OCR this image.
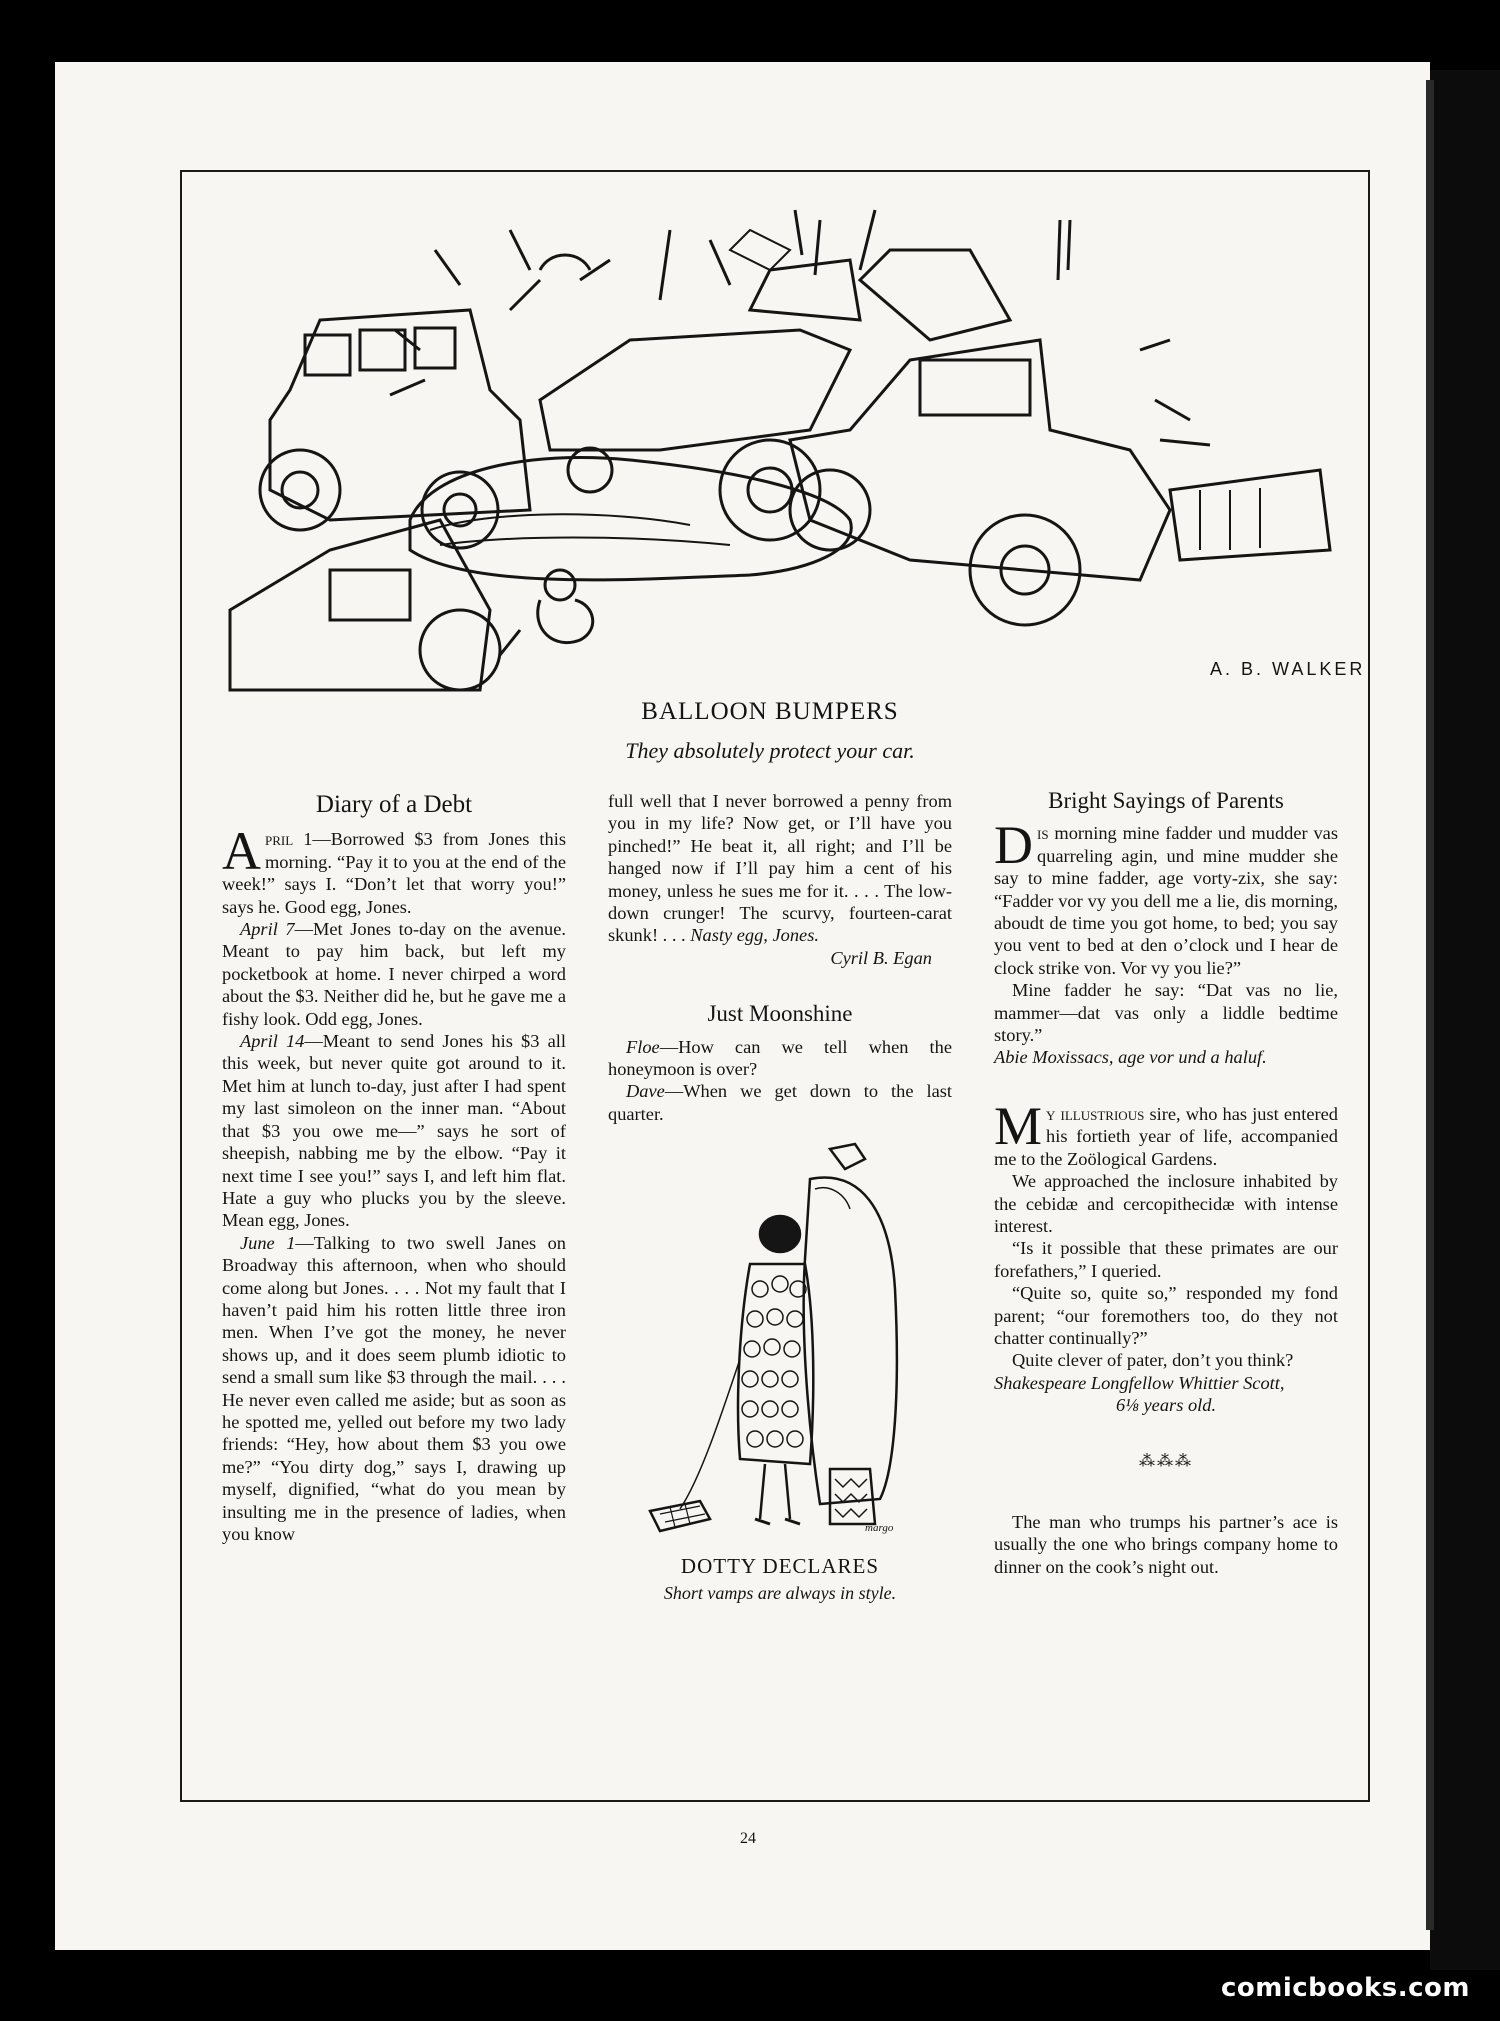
A. B. WALKER
BALLOON BUMPERS
They absolutely protect your car.
Diary of a Debt

April 1—Borrowed $3 from Jones this morning. “Pay it to you at the end of the week!” says I. “Don’t let that worry you!” says he. Good egg, Jones.

April 7—Met Jones to-day on the avenue. Meant to pay him back, but left my pocketbook at home. I never chirped a word about the $3. Neither did he, but he gave me a fishy look. Odd egg, Jones.

April 14—Meant to send Jones his $3 all this week, but never quite got around to it. Met him at lunch to-day, just after I had spent my last simoleon on the inner man. “About that $3 you owe me—” says he sort of sheepish, nabbing me by the elbow. “Pay it next time I see you!” says I, and left him flat. Hate a guy who plucks you by the sleeve. Mean egg, Jones.

June 1—Talking to two swell Janes on Broadway this afternoon, when who should come along but Jones. . . . Not my fault that I haven’t paid him his rotten little three iron men. When I’ve got the money, he never shows up, and it does seem plumb idiotic to send a small sum like $3 through the mail. . . . He never even called me aside; but as soon as he spotted me, yelled out before my two lady friends: “Hey, how about them $3 you owe me?” “You dirty dog,” says I, drawing up myself, dignified, “what do you mean by insulting me in the presence of ladies, when you know

full well that I never borrowed a penny from you in my life? Now get, or I’ll have you pinched!” He beat it, all right; and I’ll be hanged now if I’ll pay him a cent of his money, unless he sues me for it. . . . The low-down crunger! The scurvy, fourteen-carat skunk! . . . Nasty egg, Jones.

Cyril B. Egan

Just Moonshine

Floe—How can we tell when the honeymoon is over?

Dave—When we get down to the last quarter.

margo
DOTTY DECLARES
Short vamps are always in style.
Bright Sayings of Parents

Dis morning mine fadder und mudder vas quarreling agin, und mine mudder she say to mine fadder, age vorty-zix, she say: “Fadder vor vy you dell me a lie, dis morning, aboudt de time you got home, to bed; you say you vent to bed at den o’clock und I hear de clock strike von. Vor vy you lie?”

Mine fadder he say: “Dat vas no lie, mammer—dat vas only a liddle bedtime story.”

Abie Moxissacs, age vor und a haluf.

My illustrious sire, who has just entered his fortieth year of life, accompanied me to the Zoölogical Gardens.

We approached the inclosure inhabited by the cebidæ and cercopithecidæ with intense interest.

“Is it possible that these primates are our forefathers,” I queried.

“Quite so, quite so,” responded my fond parent; “our foremothers too, do they not chatter continually?”

Quite clever of pater, don’t you think?

Shakespeare Longfellow Whittier Scott,

6⅛ years old.

⁂⁂⁂

The man who trumps his partner’s ace is usually the one who brings company home to dinner on the cook’s night out.

24
comicbooks.com
